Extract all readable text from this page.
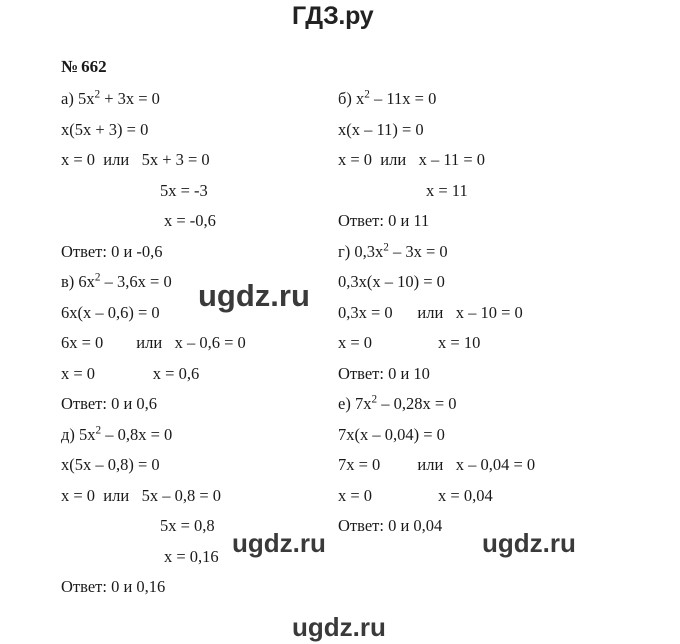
ГДЗ.ру
№ 662
а) $5х^2 + 3х = 0$
х(5х + 3) = 0
х = 0  или   5х + 3 = 0
5х = -3
х = -0,6
Ответ: 0 и -0,6
в) $6х^2 - 3,6х = 0$
6х(х – 0,6) = 0
6х = 0        или   х – 0,6 = 0
х = 0              х = 0,6
Ответ: 0 и 0,6
д) $5х^2 - 0,8х = 0$
х(5х – 0,8) = 0
х = 0  или   5х – 0,8 = 0
5х = 0,8
х = 0,16
Ответ: 0 и 0,16
б) $х^2 - 11х = 0$
х(х – 11) = 0
х = 0  или   х – 11 = 0
х = 11
Ответ: 0 и 11
г) $0,3х^2 - 3х = 0$
0,3х(х – 10) = 0
0,3х = 0      или   х – 10 = 0
х = 0                х = 10
Ответ: 0 и 10
е) $7х^2 - 0,28х = 0$
7х(х – 0,04) = 0
7х = 0         или   х – 0,04 = 0
х = 0                х = 0,04
Ответ: 0 и 0,04
ugdz.ru
ugdz.ru	ugdz.ru
ugdz.ru
